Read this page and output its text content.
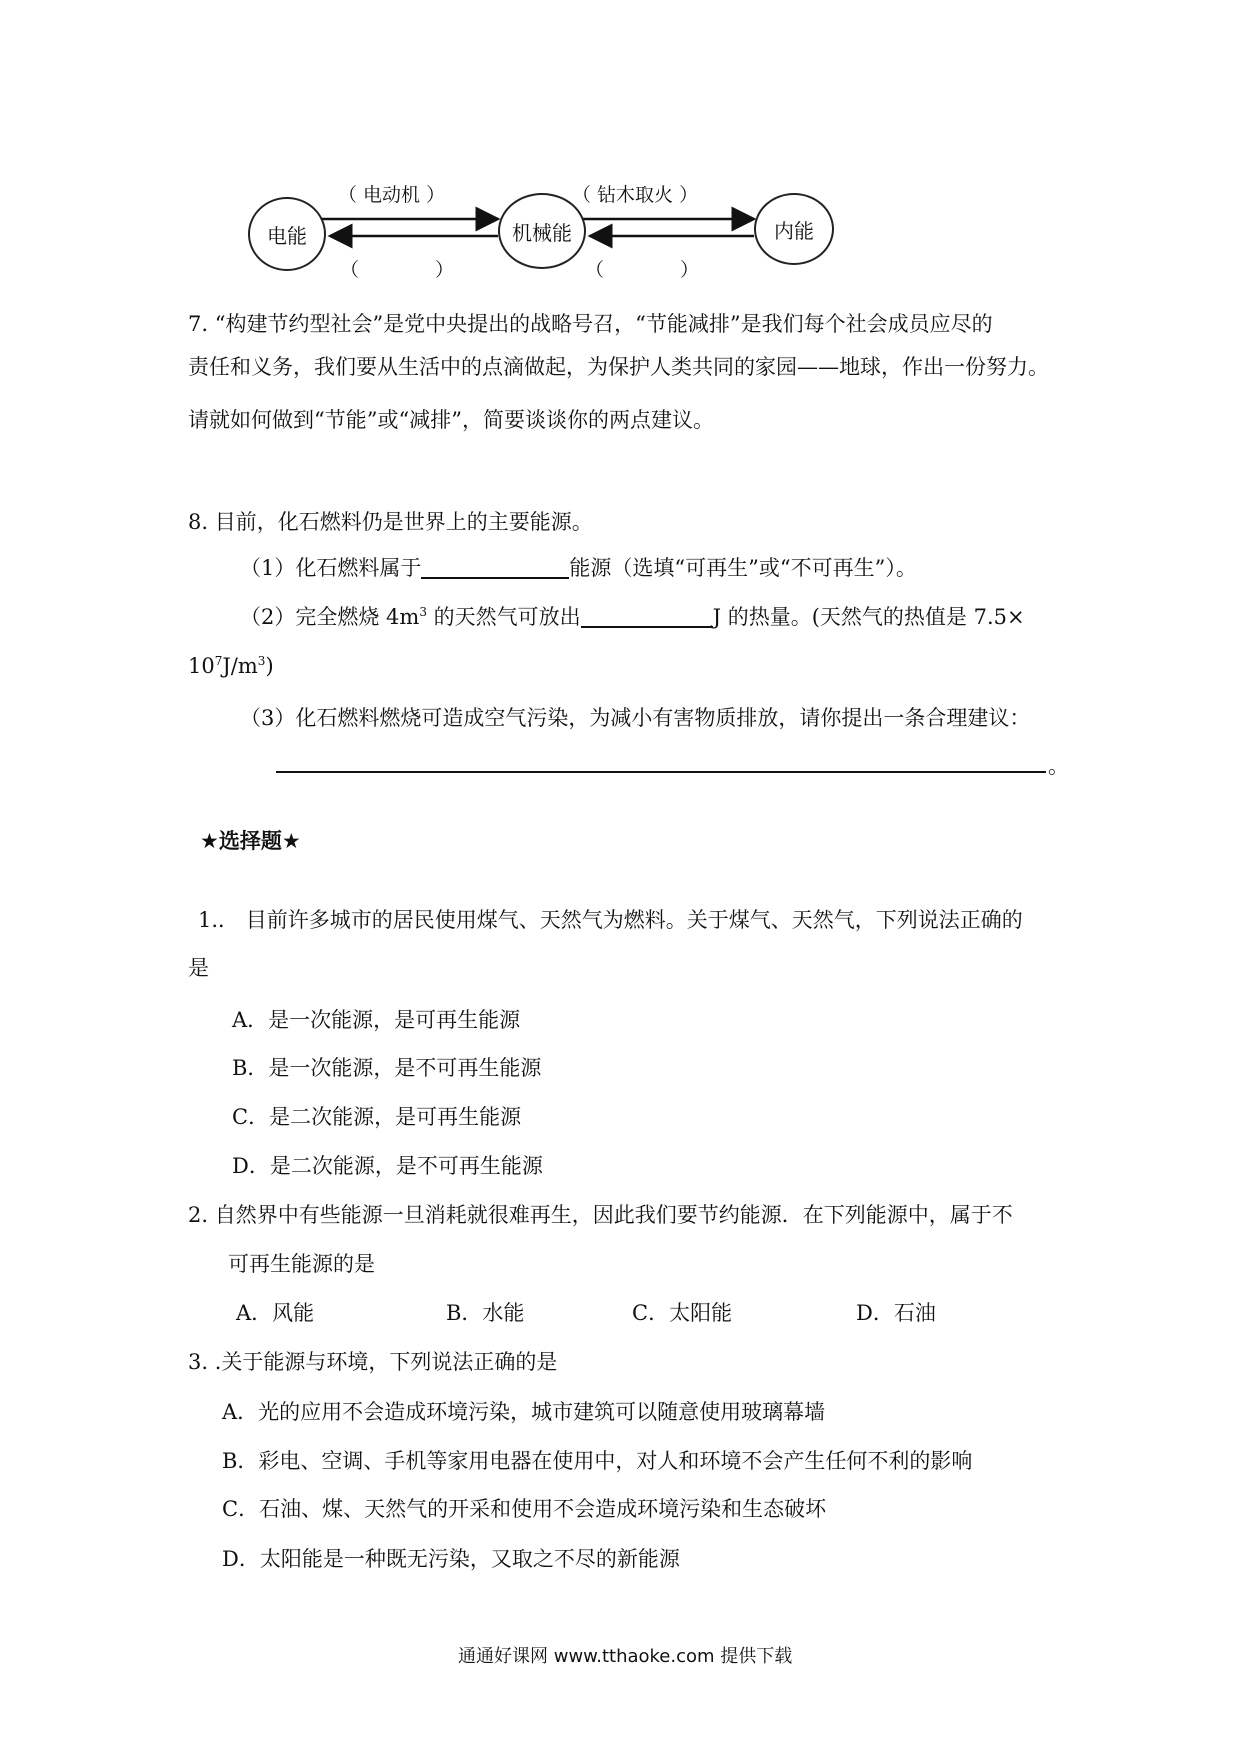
电能	机械能	内能
（ 电动机 ）	（ 钻木取火 ）
（　　　　）	（　　　　）
7. “构建节约型社会”是党中央提出的战略号召，“节能减排”是我们每个社会成员应尽的
责任和义务，我们要从生活中的点滴做起，为保护人类共同的家园——地球，作出一份努力。
请就如何做到“节能”或“减排”，简要谈谈你的两点建议。
8. 目前，化石燃料仍是世界上的主要能源。
（1）化石燃料属于	能源（选填“可再生”或“不可再生”）。
（2）完全燃烧 $4m^3$ 的天然气可放出	J 的热量。(天然气的热值是 7.5×
$10^7J/m^3$)
（3）化石燃料燃烧可造成空气污染，为减小有害物质排放，请你提出一条合理建议：
。
★选择题★
1.． 目前许多城市的居民使用煤气、天然气为燃料。关于煤气、天然气，下列说法正确的
是
A．是一次能源，是可再生能源
B．是一次能源，是不可再生能源
C．是二次能源，是可再生能源
D．是二次能源，是不可再生能源
2. 自然界中有些能源一旦消耗就很难再生，因此我们要节约能源．在下列能源中，属于不
可再生能源的是
A．风能	B．水能	C．太阳能	D．石油
3. .关于能源与环境，下列说法正确的是
A．光的应用不会造成环境污染，城市建筑可以随意使用玻璃幕墙
B．彩电、空调、手机等家用电器在使用中，对人和环境不会产生任何不利的影响
C．石油、煤、天然气的开采和使用不会造成环境污染和生态破坏
D．太阳能是一种既无污染，又取之不尽的新能源
通通好课网 www.tthaoke.com 提供下载
